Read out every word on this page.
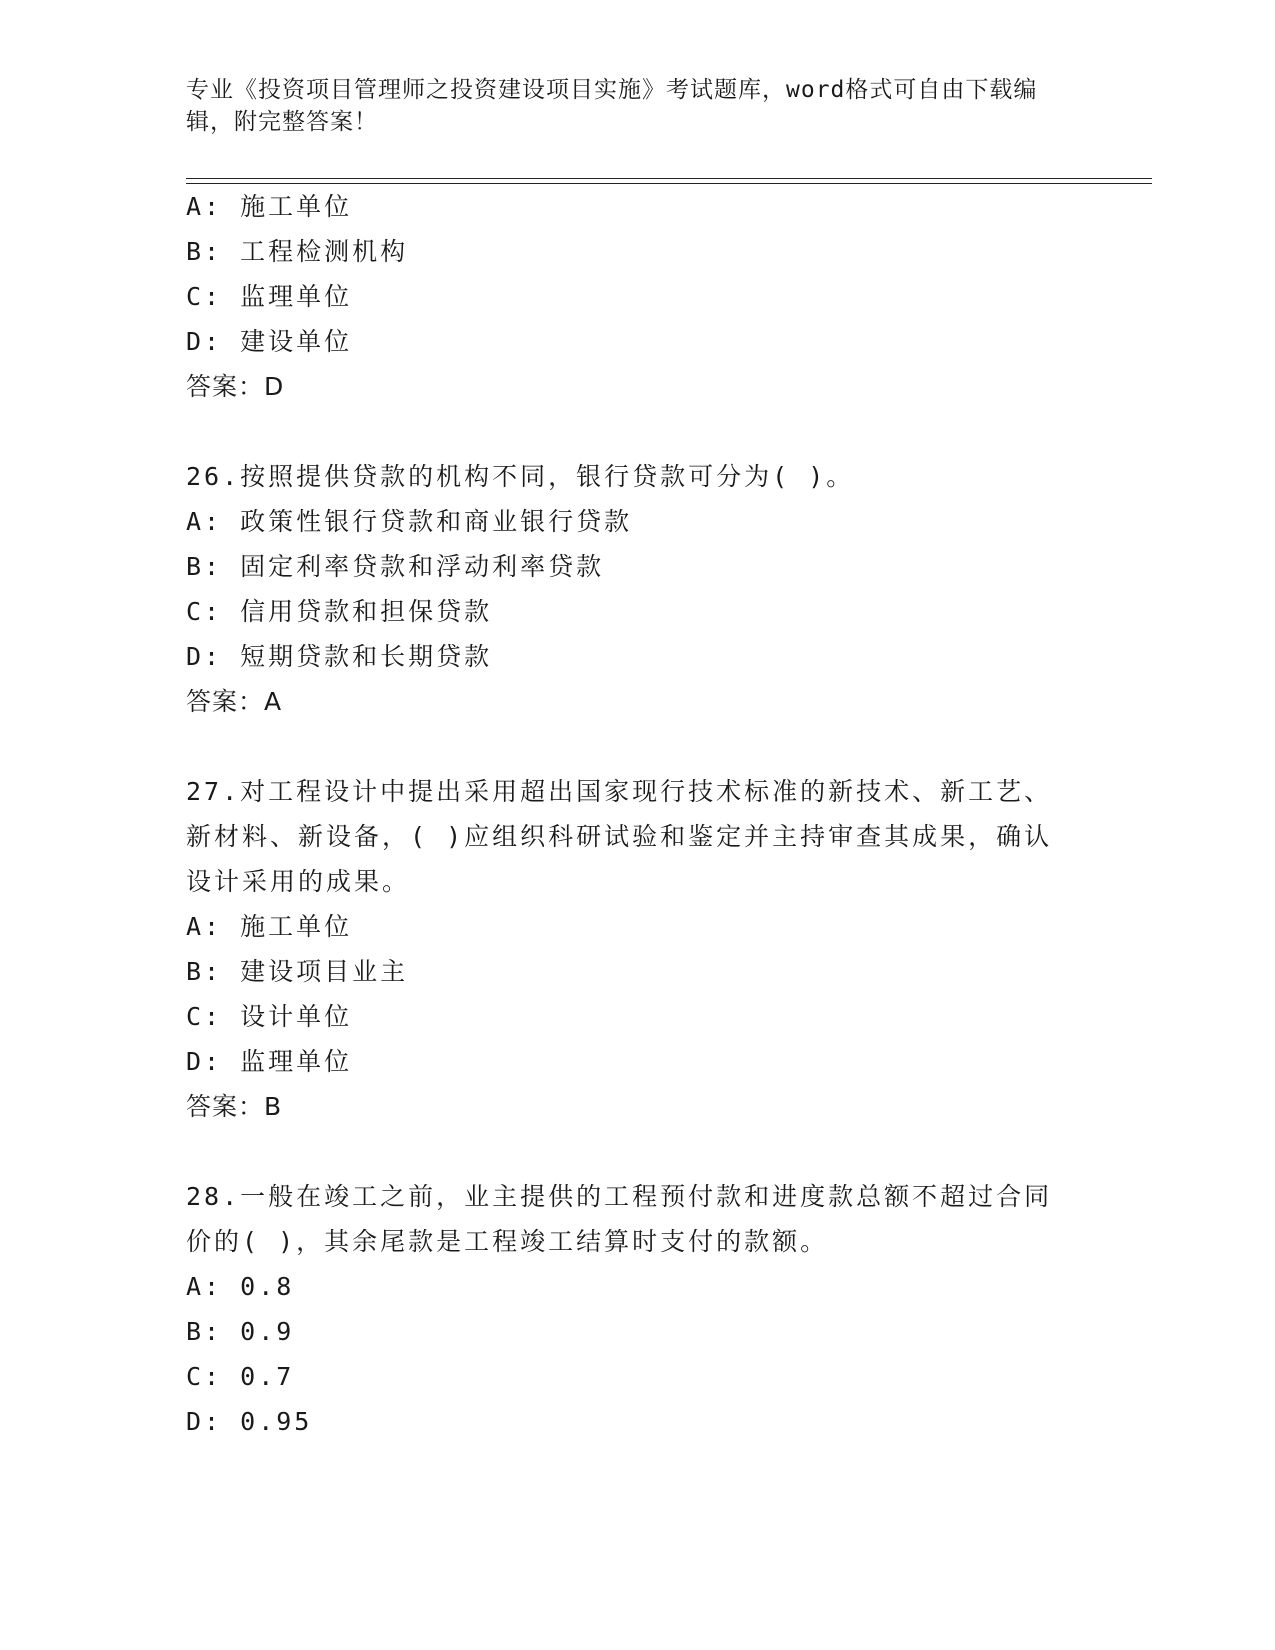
专业《投资项目管理师之投资建设项目实施》考试题库，word格式可自由下载编辑，附完整答案！
A: 施工单位
B: 工程检测机构
C: 监理单位
D: 建设单位
答案：D
26.按照提供贷款的机构不同，银行贷款可分为( )。
A: 政策性银行贷款和商业银行贷款
B: 固定利率贷款和浮动利率贷款
C: 信用贷款和担保贷款
D: 短期贷款和长期贷款
答案：A
27.对工程设计中提出采用超出国家现行技术标准的新技术、新工艺、新材料、新设备，( )应组织科研试验和鉴定并主持审查其成果，确认设计采用的成果。
A: 施工单位
B: 建设项目业主
C: 设计单位
D: 监理单位
答案：B
28.一般在竣工之前，业主提供的工程预付款和进度款总额不超过合同价的( )，其余尾款是工程竣工结算时支付的款额。
A: 0.8
B: 0.9
C: 0.7
D: 0.95
